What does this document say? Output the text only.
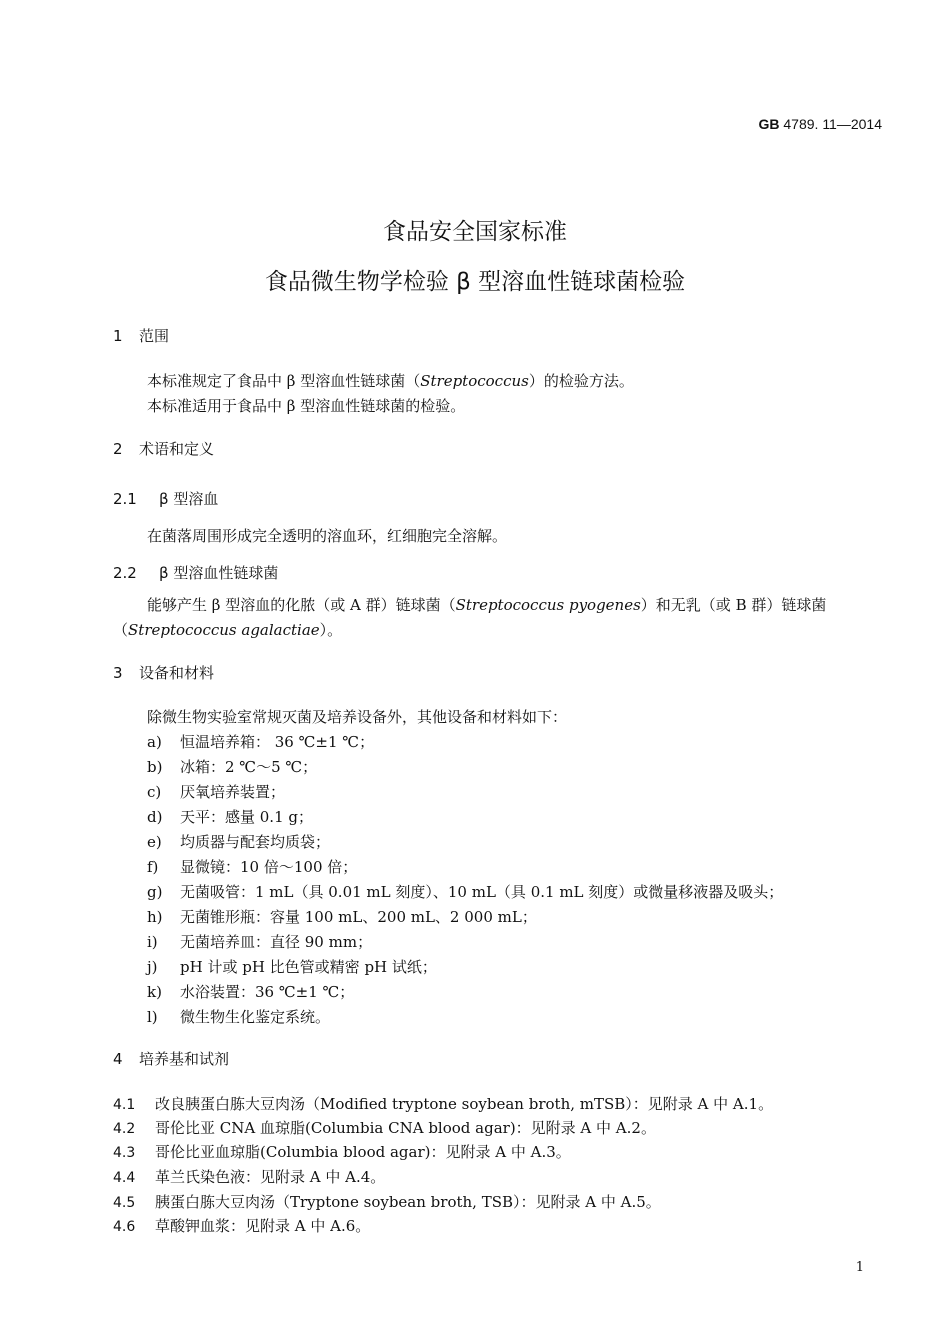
GB 4789. 11—2014
食品安全国家标准
食品微生物学检验 β 型溶血性链球菌检验
1 范围
本标准规定了食品中 β 型溶血性链球菌（Streptococcus）的检验方法。
本标准适用于食品中 β 型溶血性链球菌的检验。
2 术语和定义
2.1 β 型溶血
在菌落周围形成完全透明的溶血环，红细胞完全溶解。
2.2 β 型溶血性链球菌
能够产生 β 型溶血的化脓（或 A 群）链球菌（Streptococcus pyogenes）和无乳（或 B 群）链球菌（Streptococcus agalactiae）。
3 设备和材料
除微生物实验室常规灭菌及培养设备外，其他设备和材料如下：
a) 恒温培养箱： 36 ℃±1 ℃；
b) 冰箱：2 ℃～5 ℃；
c) 厌氧培养装置；
d) 天平：感量 0.1 g；
e) 均质器与配套均质袋；
f) 显微镜：10 倍～100 倍；
g) 无菌吸管：1 mL（具 0.01 mL 刻度）、10 mL（具 0.1 mL 刻度）或微量移液器及吸头；
h) 无菌锥形瓶：容量 100 mL、200 mL、2 000 mL；
i) 无菌培养皿：直径 90 mm；
j) pH 计或 pH 比色管或精密 pH 试纸；
k) 水浴装置：36 ℃±1 ℃；
l) 微生物生化鉴定系统。
4 培养基和试剂
4.1 改良胰蛋白胨大豆肉汤（Modified tryptone soybean broth, mTSB）：见附录 A 中 A.1。
4.2 哥伦比亚 CNA 血琼脂(Columbia CNA blood agar)：见附录 A 中 A.2。
4.3 哥伦比亚血琼脂(Columbia blood agar)：见附录 A 中 A.3。
4.4 革兰氏染色液：见附录 A 中 A.4。
4.5 胰蛋白胨大豆肉汤（Tryptone soybean broth, TSB）：见附录 A 中 A.5。
4.6 草酸钾血浆：见附录 A 中 A.6。
1
